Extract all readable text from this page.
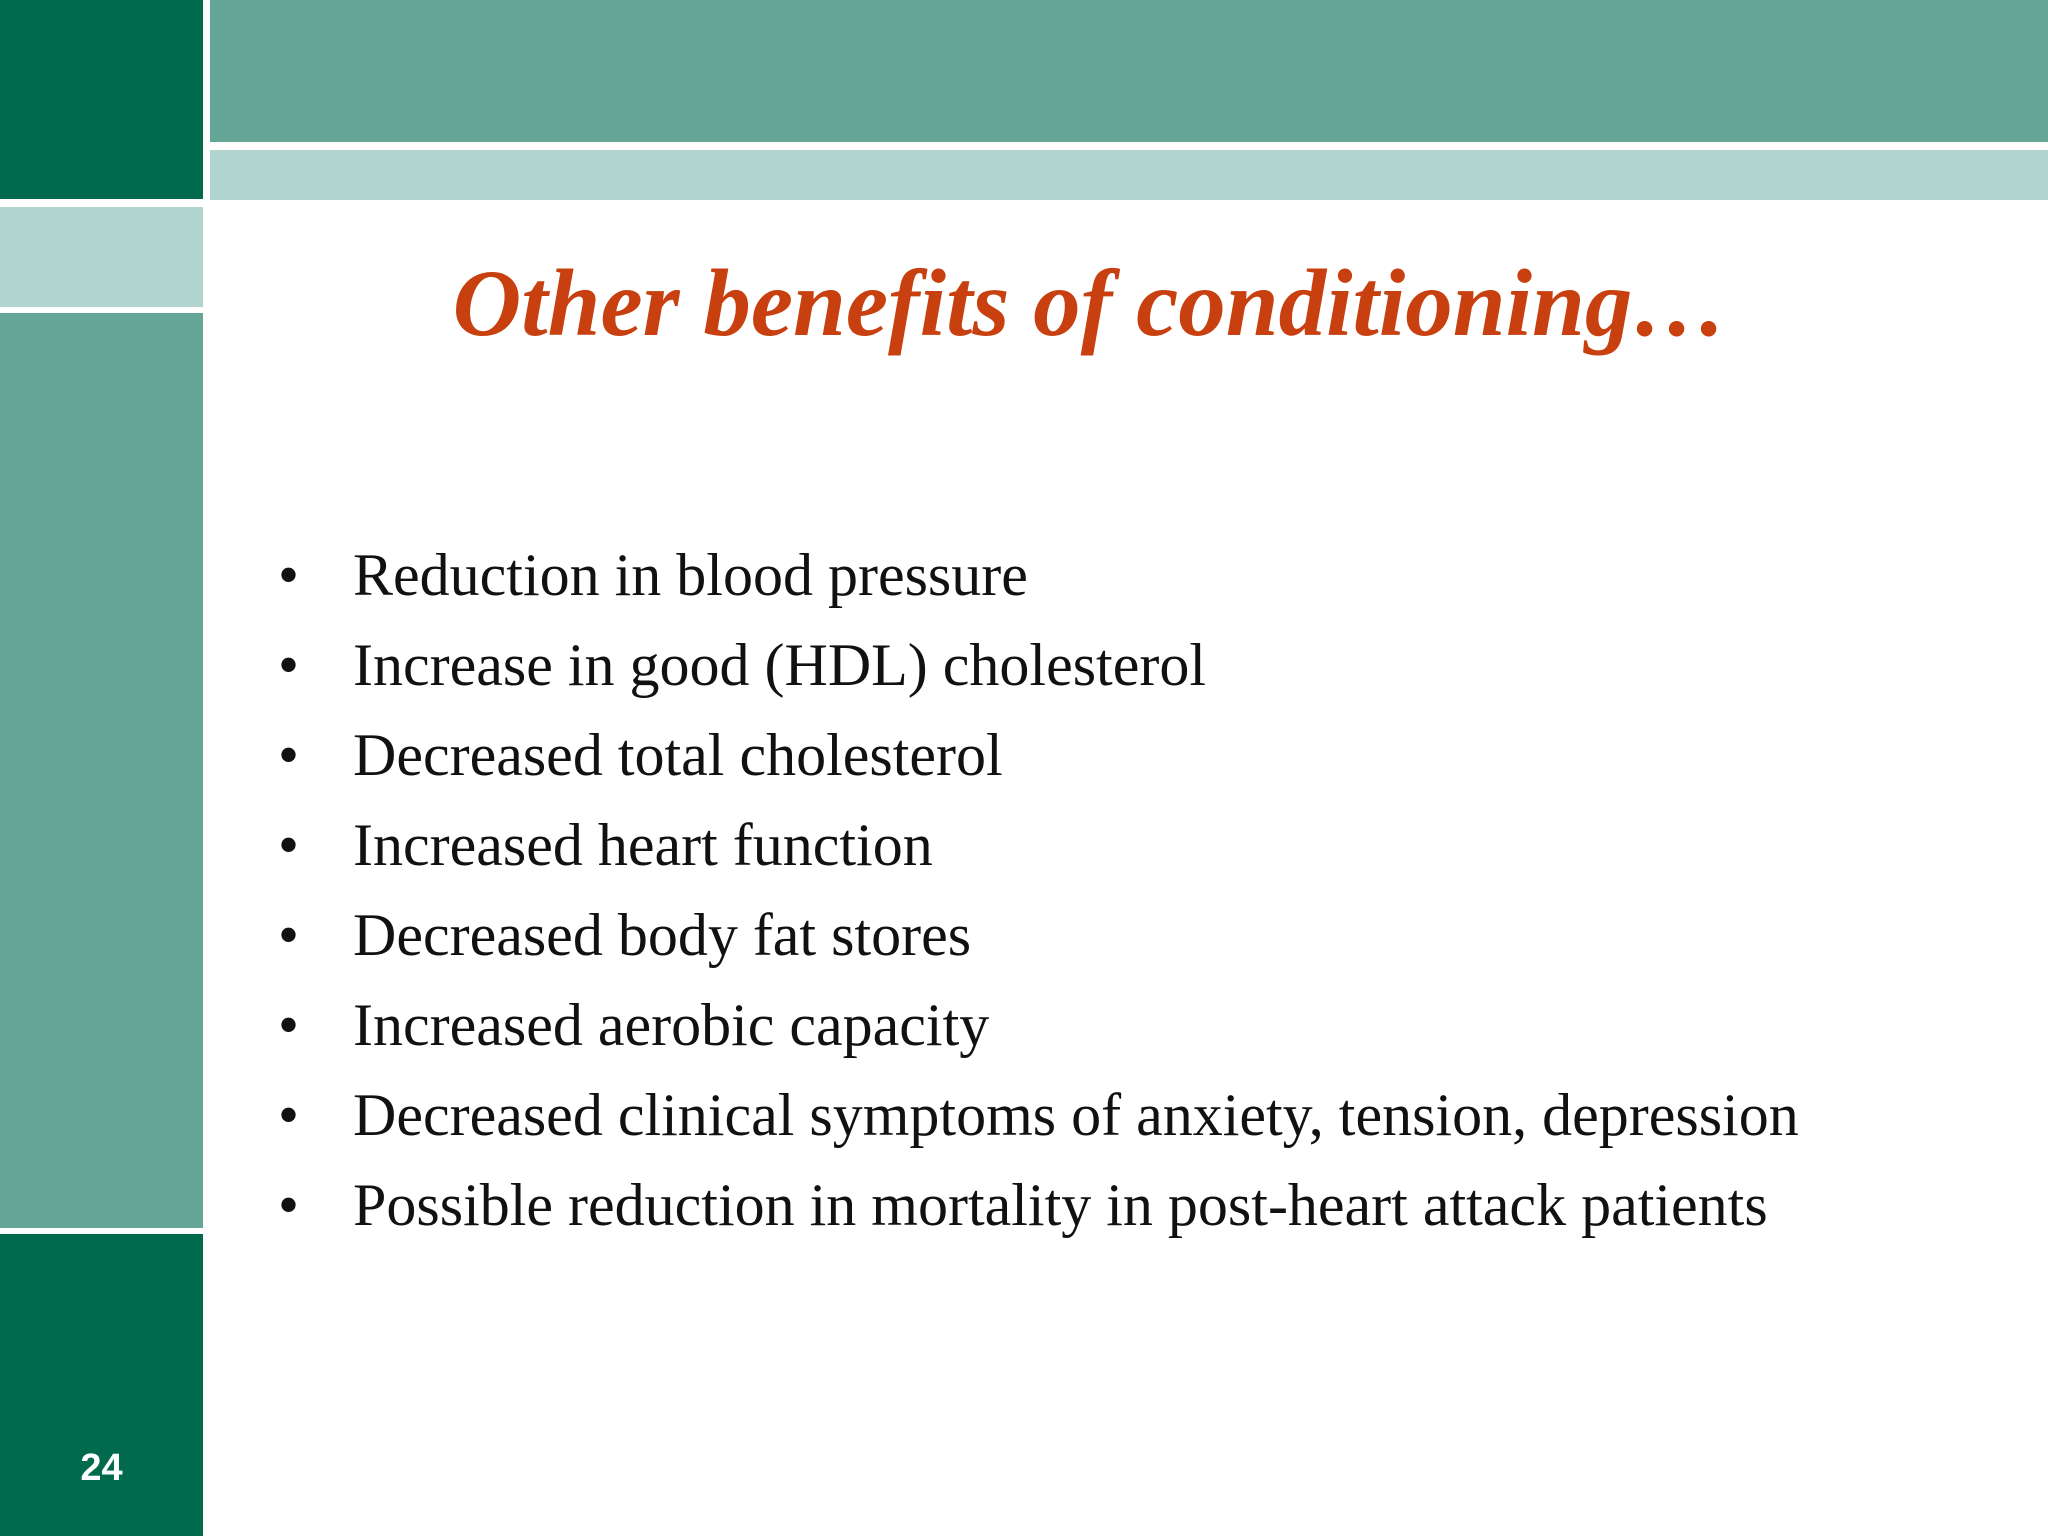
Other benefits of conditioning…
• Reduction in blood pressure
• Increase in good (HDL) cholesterol
• Decreased total cholesterol
• Increased heart function
• Decreased body fat stores
• Increased aerobic capacity
• Decreased clinical symptoms of anxiety, tension, depression
• Possible reduction in mortality in post-heart attack patients
24
